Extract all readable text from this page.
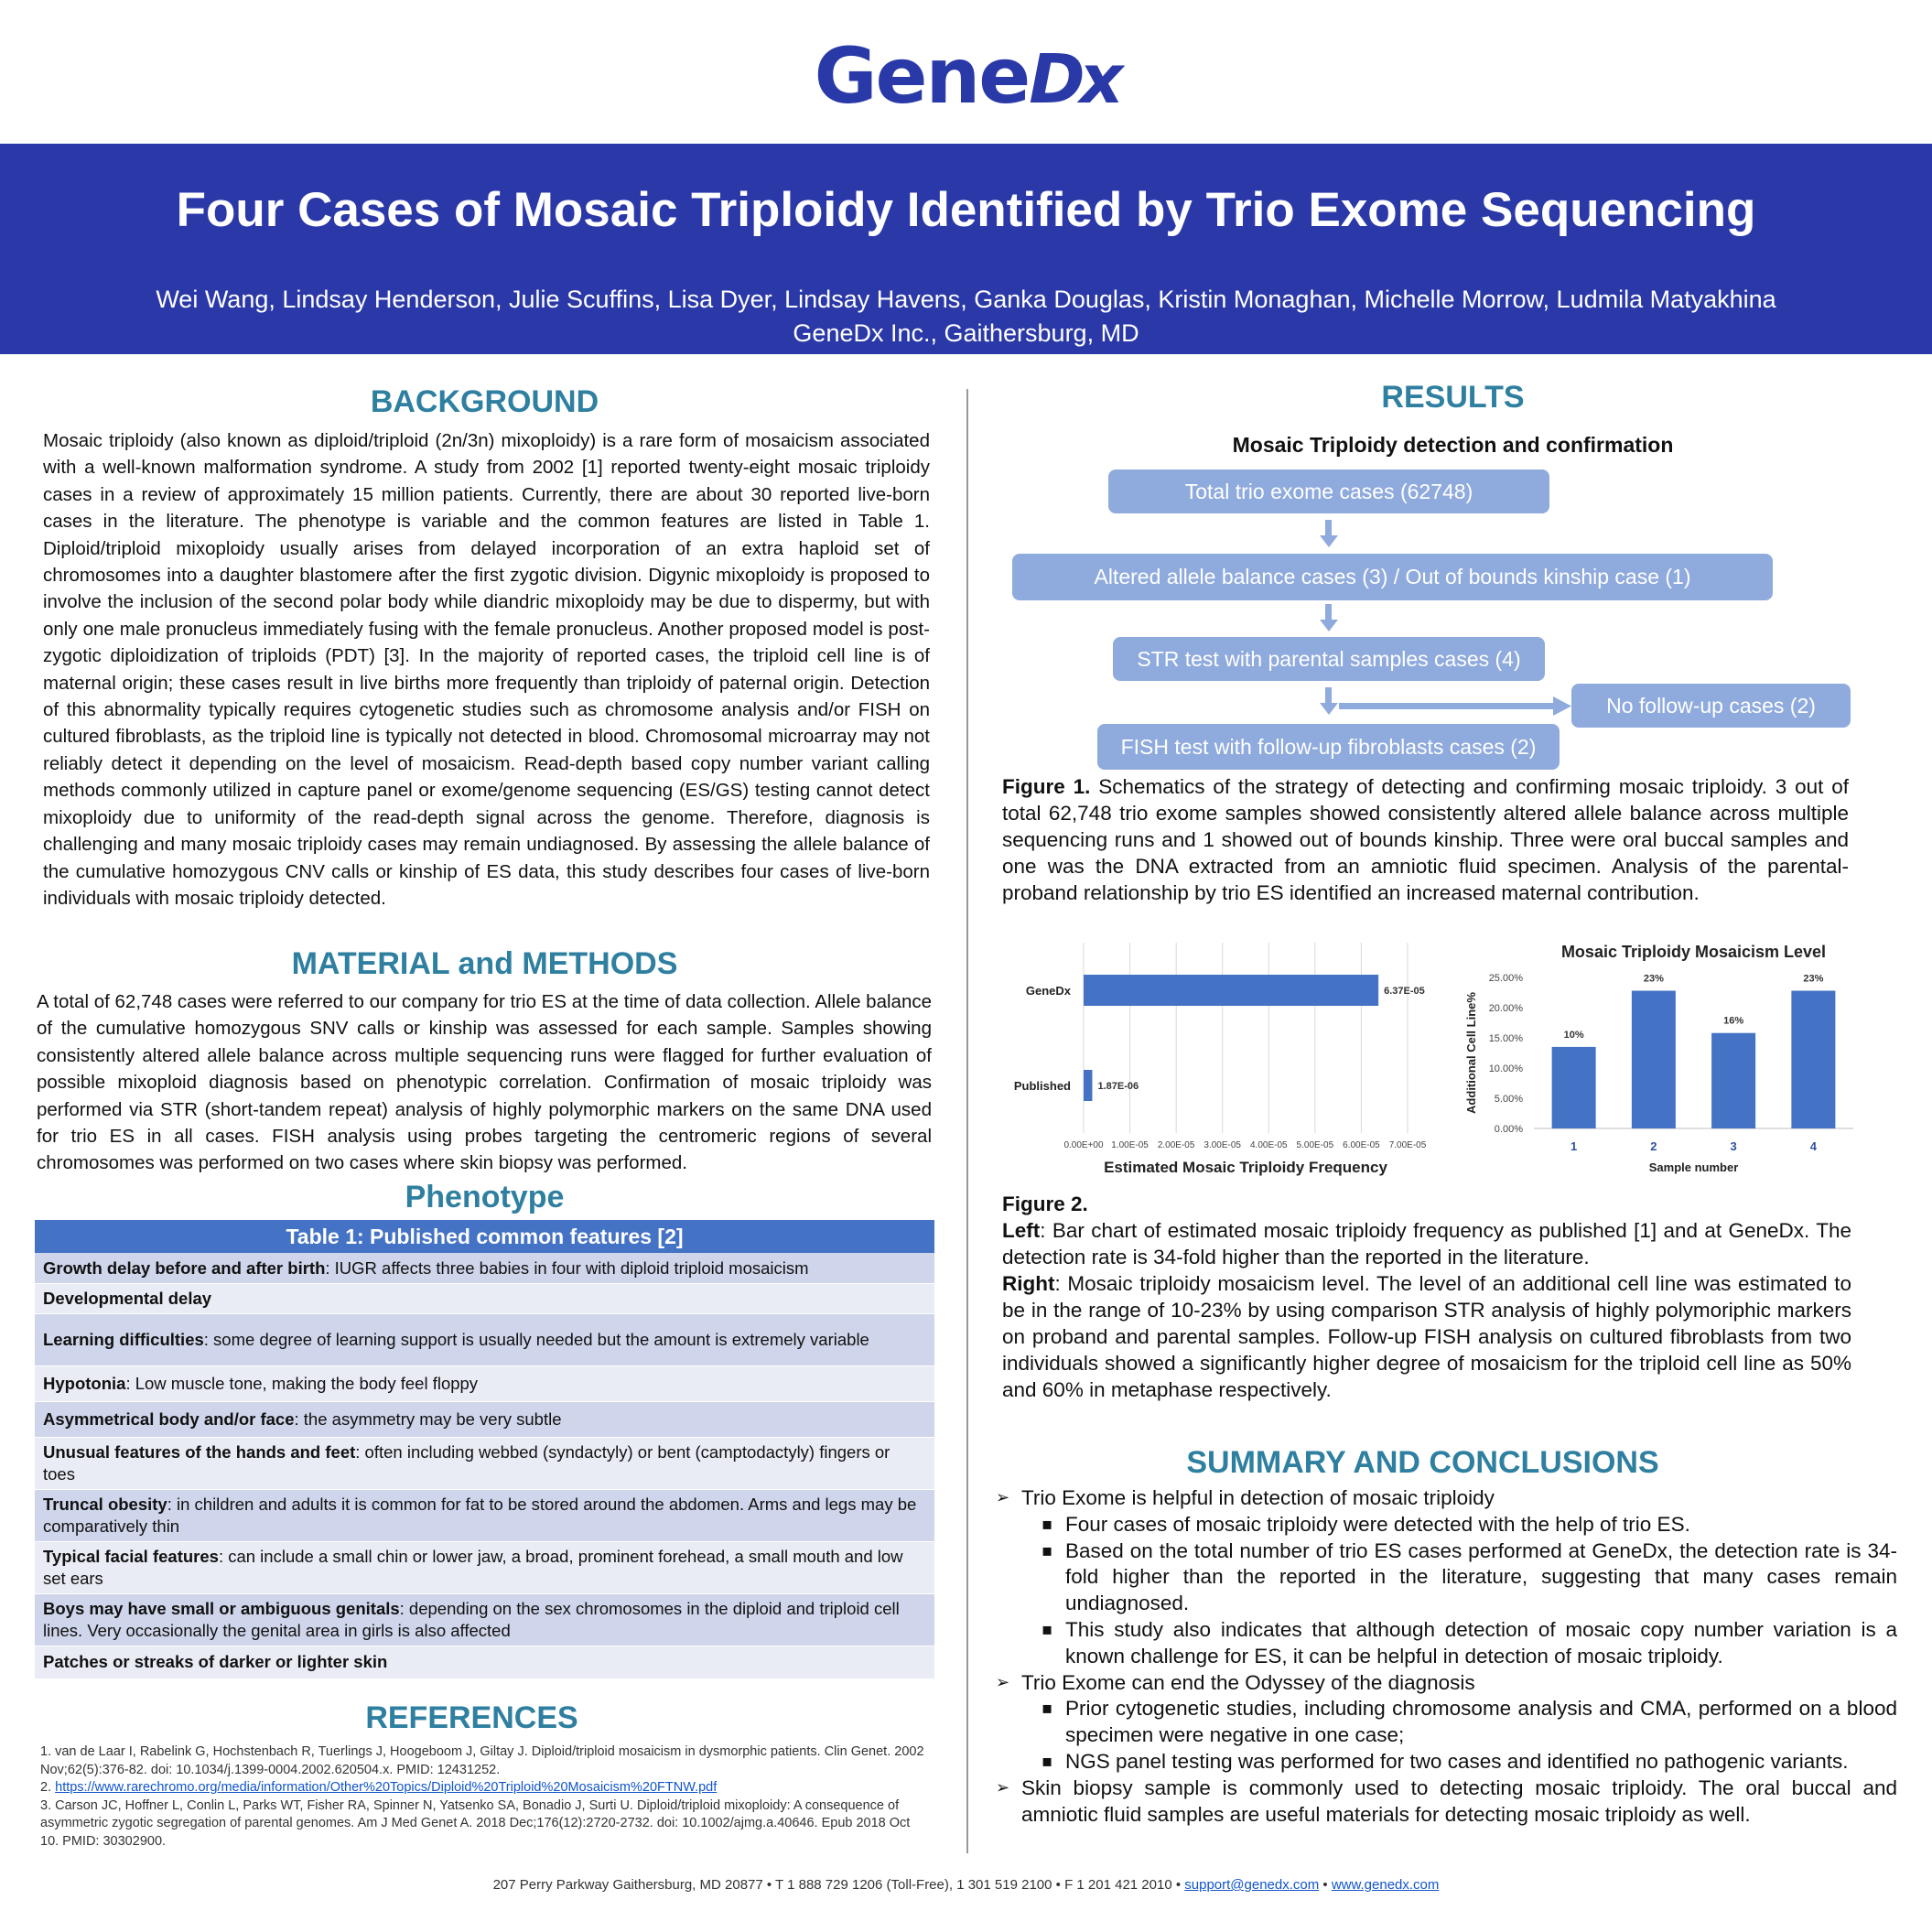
GeneDx
Four Cases of Mosaic Triploidy Identified by Trio Exome Sequencing
Wei Wang, Lindsay Henderson, Julie Scuffins, Lisa Dyer, Lindsay Havens, Ganka Douglas, Kristin Monaghan, Michelle Morrow, Ludmila Matyakhina
GeneDx Inc., Gaithersburg, MD
BACKGROUND
Mosaic triploidy (also known as diploid/triploid (2n/3n) mixoploidy) is a rare form of mosaicism associated with a well-known malformation syndrome. A study from 2002 [1] reported twenty-eight mosaic triploidy cases in a review of approximately 15 million patients. Currently, there are about 30 reported live-born cases in the literature. The phenotype is variable and the common features are listed in Table 1. Diploid/triploid mixoploidy usually arises from delayed incorporation of an extra haploid set of chromosomes into a daughter blastomere after the first zygotic division. Digynic mixoploidy is proposed to involve the inclusion of the second polar body while diandric mixoploidy may be due to dispermy, but with only one male pronucleus immediately fusing with the female pronucleus. Another proposed model is post-zygotic diploidization of triploids (PDT) [3]. In the majority of reported cases, the triploid cell line is of maternal origin; these cases result in live births more frequently than triploidy of paternal origin. Detection of this abnormality typically requires cytogenetic studies such as chromosome analysis and/or FISH on cultured fibroblasts, as the triploid line is typically not detected in blood. Chromosomal microarray may not reliably detect it depending on the level of mosaicism. Read-depth based copy number variant calling methods commonly utilized in capture panel or exome/genome sequencing (ES/GS) testing cannot detect mixoploidy due to uniformity of the read-depth signal across the genome. Therefore, diagnosis is challenging and many mosaic triploidy cases may remain undiagnosed. By assessing the allele balance of the cumulative homozygous CNV calls or kinship of ES data, this study describes four cases of live-born individuals with mosaic triploidy detected.
MATERIAL and METHODS
A total of 62,748 cases were referred to our company for trio ES at the time of data collection. Allele balance of the cumulative homozygous SNV calls or kinship was assessed for each sample. Samples showing consistently altered allele balance across multiple sequencing runs were flagged for further evaluation of possible mixoploid diagnosis based on phenotypic correlation. Confirmation of mosaic triploidy was performed via STR (short-tandem repeat) analysis of highly polymorphic markers on the same DNA used for trio ES in all cases. FISH analysis using probes targeting the centromeric regions of several chromosomes was performed on two cases where skin biopsy was performed.
Phenotype
Table 1: Published common features [2]
Growth delay before and after birth: IUGR affects three babies in four with diploid triploid mosaicism
Developmental delay
Learning difficulties: some degree of learning support is usually needed but the amount is extremely variable
Hypotonia: Low muscle tone, making the body feel floppy
Asymmetrical body and/or face: the asymmetry may be very subtle
Unusual features of the hands and feet: often including webbed (syndactyly) or bent (camptodactyly) fingers or toes
Truncal obesity: in children and adults it is common for fat to be stored around the abdomen. Arms and legs may be comparatively thin
Typical facial features: can include a small chin or lower jaw, a broad, prominent forehead, a small mouth and low set ears
Boys may have small or ambiguous genitals: depending on the sex chromosomes in the diploid and triploid cell lines. Very occasionally the genital area in girls is also affected
Patches or streaks of darker or lighter skin
REFERENCES
1. van de Laar I, Rabelink G, Hochstenbach R, Tuerlings J, Hoogeboom J, Giltay J. Diploid/triploid mosaicism in dysmorphic patients. Clin Genet. 2002 Nov;62(5):376-82. doi: 10.1034/j.1399-0004.2002.620504.x. PMID: 12431252.
2. https://www.rarechromo.org/media/information/Other%20Topics/Diploid%20Triploid%20Mosaicism%20FTNW.pdf
3. Carson JC, Hoffner L, Conlin L, Parks WT, Fisher RA, Spinner N, Yatsenko SA, Bonadio J, Surti U. Diploid/triploid mixoploidy: A consequence of asymmetric zygotic segregation of parental genomes. Am J Med Genet A. 2018 Dec;176(12):2720-2732. doi: 10.1002/ajmg.a.40646. Epub 2018 Oct 10. PMID: 30302900.
RESULTS
Mosaic Triploidy detection and confirmation
Total trio exome cases (62748)
Altered allele balance cases (3) / Out of bounds kinship case (1)
STR test with parental samples cases (4)
No follow-up cases (2)
FISH test with follow-up fibroblasts cases (2)
Figure 1. Schematics of the strategy of detecting and confirming mosaic triploidy. 3 out of total 62,748 trio exome samples showed consistently altered allele balance across multiple sequencing runs and 1 showed out of bounds kinship. Three were oral buccal samples and one was the DNA extracted from an amniotic fluid specimen. Analysis of the parental-proband relationship by trio ES identified an increased maternal contribution.
0.00E+00 1.00E-05 2.00E-05 3.00E-05 4.00E-05 5.00E-05 6.00E-05 7.00E-05
GeneDx	6.37E-05
Published	1.87E-06
Estimated Mosaic Triploidy Frequency
Mosaic Triploidy Mosaicism Level
0.00%
5.00%
10.00%
15.00%
20.00%
25.00%
10%
1
23%
2
16%
3
23%
4
Sample number
Additional Cell Line%
Figure 2.
Left: Bar chart of estimated mosaic triploidy frequency as published [1] and at GeneDx. The detection rate is 34-fold higher than the reported in the literature.
Right: Mosaic triploidy mosaicism level. The level of an additional cell line was estimated to be in the range of 10-23% by using comparison STR analysis of highly polymoriphic markers on proband and parental samples. Follow-up FISH analysis on cultured fibroblasts from two individuals showed a significantly higher degree of mosaicism for the triploid cell line as 50% and 60% in metaphase respectively.
SUMMARY AND CONCLUSIONS
➢ Trio Exome is helpful in detection of mosaic triploidy
▪ Four cases of mosaic triploidy were detected with the help of trio ES.
▪ Based on the total number of trio ES cases performed at GeneDx, the detection rate is 34-fold higher than the reported in the literature, suggesting that many cases remain undiagnosed.
▪ This study also indicates that although detection of mosaic copy number variation is a known challenge for ES, it can be helpful in detection of mosaic triploidy.
➢ Trio Exome can end the Odyssey of the diagnosis
▪ Prior cytogenetic studies, including chromosome analysis and CMA, performed on a blood specimen were negative in one case;
▪ NGS panel testing was performed for two cases and identified no pathogenic variants.
➢ Skin biopsy sample is commonly used to detecting mosaic triploidy. The oral buccal and amniotic fluid samples are useful materials for detecting mosaic triploidy as well.
207 Perry Parkway Gaithersburg, MD 20877 • T 1 888 729 1206 (Toll-Free), 1 301 519 2100 • F 1 201 421 2010 • support@genedx.com • www.genedx.com
